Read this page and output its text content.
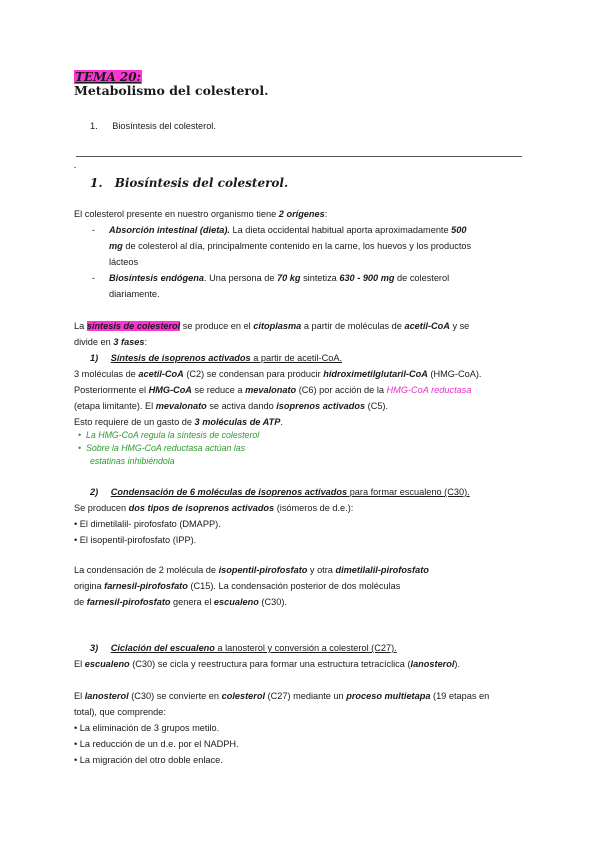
TEMA 20:
Metabolismo del colesterol.
1. Biosíntesis del colesterol.
1. Biosíntesis del colesterol.
El colesterol presente en nuestro organismo tiene 2 orígenes:
- Absorción intestinal (dieta). La dieta occidental habitual aporta aproximadamente 500
mg de colesterol al día, principalmente contenido en la carne, los huevos y los productos
lácteos
- Biosíntesis endógena. Una persona de 70 kg sintetiza 630 - 900 mg de colesterol
diariamente.
La síntesis de colesterol se produce en el citoplasma a partir de moléculas de acetil-CoA y se
divide en 3 fases:
1) Síntesis de isoprenos activados a partir de acetil-CoA.
3 moléculas de acetil-CoA (C2) se condensan para producir hidroximetilglutaril-CoA (HMG-CoA).
Posteriormente el HMG-CoA se reduce a mevalonato (C6) por acción de la HMG-CoA reductasa
(etapa limitante). El mevalonato se activa dando isoprenos activados (C5).
Esto requiere de un gasto de 3 moléculas de ATP.
• La HMG-CoA regula la síntesis de colesterol
• Sobre la HMG-CoA reductasa actúan las
estatinas inhibiéndola
2) Condensación de 6 moléculas de isoprenos activados para formar escualeno (C30).
Se producen dos tipos de isoprenos activados (isómeros de d.e.):
• El dimetilalil- pirofosfato (DMAPP).
• El isopentil-pirofosfato (IPP).
La condensación de 2 molécula de isopentil-pirofosfato y otra dimetilalil-pirofosfato
origina farnesil-pirofosfato (C15). La condensación posterior de dos moléculas
de farnesil-pirofosfato genera el escualeno (C30).
3) Ciclación del escualeno a lanosterol y conversión a colesterol (C27).
El escualeno (C30) se cicla y reestructura para formar una estructura tetracíclica (lanosterol).
El lanosterol (C30) se convierte en colesterol (C27) mediante un proceso multietapa (19 etapas en
total), que comprende:
• La eliminación de 3 grupos metilo.
• La reducción de un d.e. por el NADPH.
• La migración del otro doble enlace.
